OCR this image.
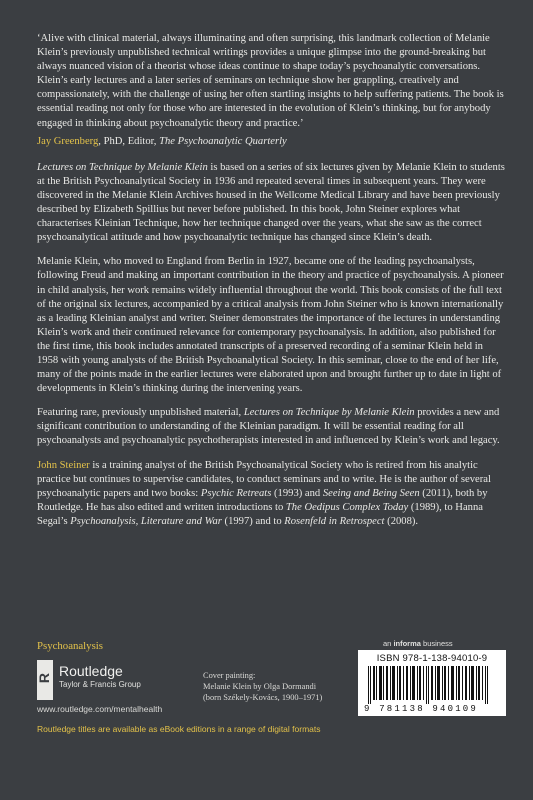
‘Alive with clinical material, always illuminating and often surprising, this landmark collection of Melanie Klein’s previously unpublished technical writings provides a unique glimpse into the ground-breaking but always nuanced vision of a theorist whose ideas continue to shape today’s psychoanalytic conversations. Klein’s early lectures and a later series of seminars on technique show her grappling, creatively and compassionately, with the challenge of using her often startling insights to help suffering patients. The book is essential reading not only for those who are interested in the evolution of Klein’s thinking, but for anybody engaged in thinking about psychoanalytic theory and practice.’

Jay Greenberg, PhD, Editor, The Psychoanalytic Quarterly

Lectures on Technique by Melanie Klein is based on a series of six lectures given by Melanie Klein to students at the British Psychoanalytical Society in 1936 and repeated several times in subsequent years. They were discovered in the Melanie Klein Archives housed in the Wellcome Medical Library and have been previously described by Elizabeth Spillius but never before published. In this book, John Steiner explores what characterises Kleinian Technique, how her technique changed over the years, what she saw as the correct psychoanalytical attitude and how psychoanalytic technique has changed since Klein’s death.

Melanie Klein, who moved to England from Berlin in 1927, became one of the leading psychoanalysts, following Freud and making an important contribution in the theory and practice of psychoanalysis. A pioneer in child analysis, her work remains widely influential throughout the world. This book consists of the full text of the original six lectures, accompanied by a critical analysis from John Steiner who is known internationally as a leading Kleinian analyst and writer. Steiner demonstrates the importance of the lectures in understanding Klein’s work and their continued relevance for contemporary psychoanalysis. In addition, also published for the first time, this book includes annotated transcripts of a preserved recording of a seminar Klein held in 1958 with young analysts of the British Psychoanalytical Society. In this seminar, close to the end of her life, many of the points made in the earlier lectures were elaborated upon and brought further up to date in light of developments in Klein’s thinking during the intervening years.

Featuring rare, previously unpublished material, Lectures on Technique by Melanie Klein provides a new and significant contribution to understanding of the Kleinian paradigm. It will be essential reading for all psychoanalysts and psychoanalytic psychotherapists interested in and influenced by Klein’s work and legacy.

John Steiner is a training analyst of the British Psychoanalytical Society who is retired from his analytic practice but continues to supervise candidates, to conduct seminars and to write. He is the author of several psychoanalytic papers and two books: Psychic Retreats (1993) and Seeing and Being Seen (2011), both by Routledge. He has also edited and written introductions to The Oedipus Complex Today (1989), to Hanna Segal’s Psychoanalysis, Literature and War (1997) and to Rosenfeld in Retrospect (2008).

Psychoanalysis
R Routledge
Taylor & Francis Group
www.routledge.com/mentalhealth
Cover painting:
Melanie Klein by Olga Dormandi
(born Székely-Kovács, 1900–1971)
Routledge titles are available as eBook editions in a range of digital formats
an informa business
ISBN 978-1-138-94010-9
9 781138 940109
